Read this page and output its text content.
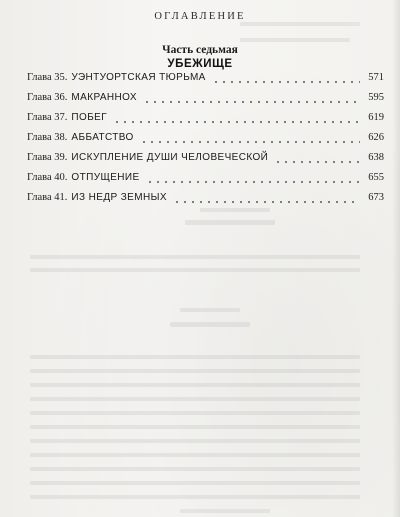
ОГЛАВЛЕНИЕ
Часть седьмая
УБЕЖИЩЕ
Глава 35. УЭНТУОРТСКАЯ ТЮРЬМА	571
Глава 36. МАКРАННОХ	595
Глава 37. ПОБЕГ	619
Глава 38. АББАТСТВО	626
Глава 39. ИСКУПЛЕНИЕ ДУШИ ЧЕЛОВЕЧЕСКОЙ	638
Глава 40. ОТПУЩЕНИЕ	655
Глава 41. ИЗ НЕДР ЗЕМНЫХ	673
